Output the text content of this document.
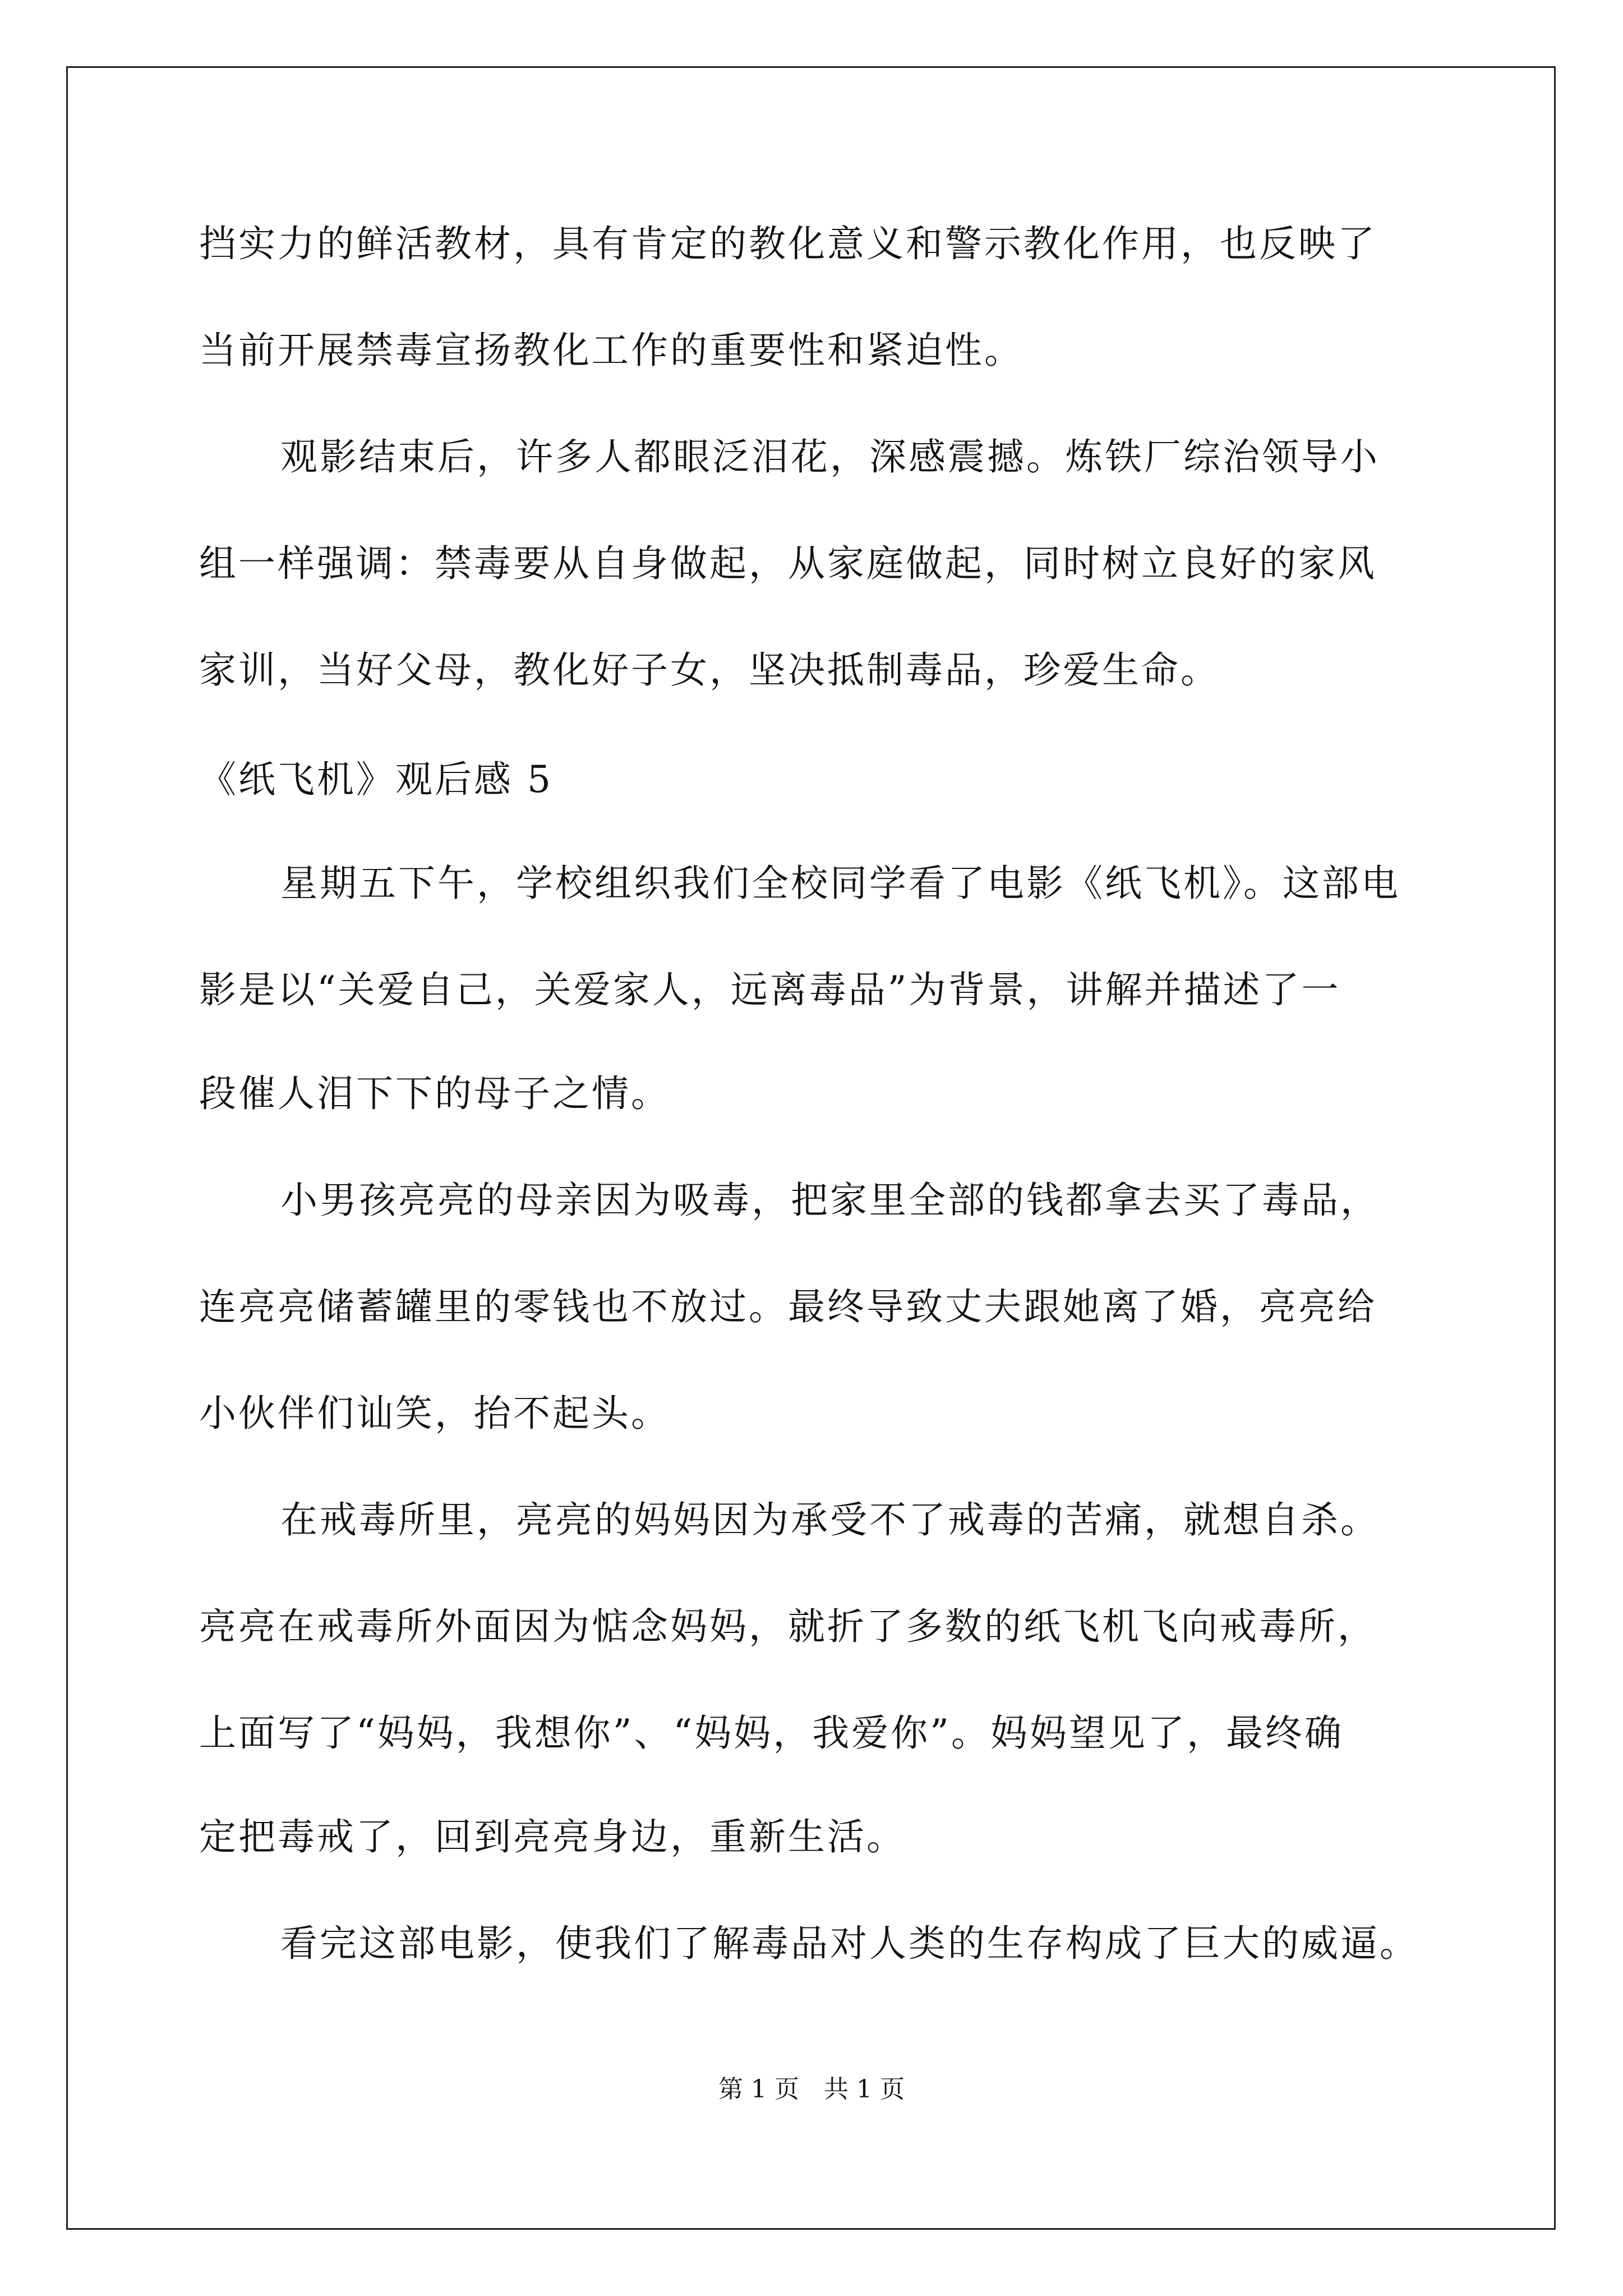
挡实力的鲜活教材，具有肯定的教化意义和警示教化作用，也反映了
当前开展禁毒宣扬教化工作的重要性和紧迫性。
观影结束后，许多人都眼泛泪花，深感震撼。炼铁厂综治领导小
组一样强调：禁毒要从自身做起，从家庭做起，同时树立良好的家风
家训，当好父母，教化好子女，坚决抵制毒品，珍爱生命。
《纸飞机》观后感 5
星期五下午，学校组织我们全校同学看了电影《纸飞机》。这部电
影是以“关爱自己，关爱家人，远离毒品”为背景，讲解并描述了一
段催人泪下下的母子之情。
小男孩亮亮的母亲因为吸毒，把家里全部的钱都拿去买了毒品，
连亮亮储蓄罐里的零钱也不放过。最终导致丈夫跟她离了婚，亮亮给
小伙伴们讪笑，抬不起头。
在戒毒所里，亮亮的妈妈因为承受不了戒毒的苦痛，就想自杀。
亮亮在戒毒所外面因为惦念妈妈，就折了多数的纸飞机飞向戒毒所，
上面写了“妈妈，我想你”、“妈妈，我爱你”。妈妈望见了，最终确
定把毒戒了，回到亮亮身边，重新生活。
看完这部电影，使我们了解毒品对人类的生存构成了巨大的威逼。
第 1 页　共 1 页
